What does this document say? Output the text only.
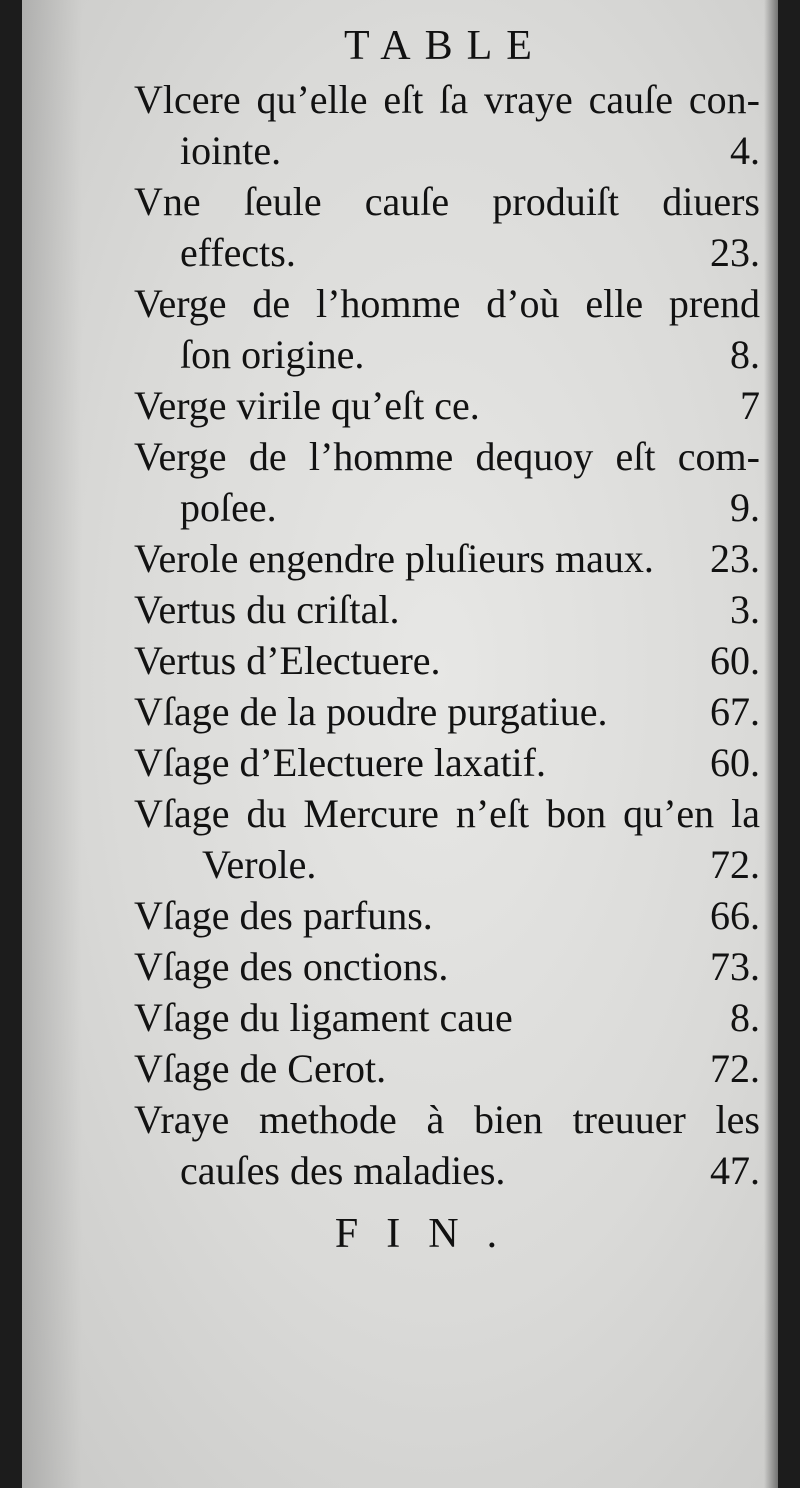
TABLE
Vlcere qu’elle eſt ſa vraye cauſe con-
iointe.	4.
Vne ſeule cauſe produiſt diuers
effects.	23.
Verge de l’homme d’où elle prend
ſon origine.	8.
Verge virile qu’eſt ce.	7
Verge de l’homme dequoy eſt com-
poſee.	9.
Verole engendre pluſieurs maux.	23.
Vertus du criſtal.	3.
Vertus d’Electuere.	60.
Vſage de la poudre purgatiue.	67.
Vſage d’Electuere laxatif.	60.
Vſage du Mercure n’eſt bon qu’en la
Verole.	72.
Vſage des parfuns.	66.
Vſage des onctions.	73.
Vſage du ligament caue	8.
Vſage de Cerot.	72.
Vraye methode à bien treuuer les
cauſes des maladies.	47.
FIN.
